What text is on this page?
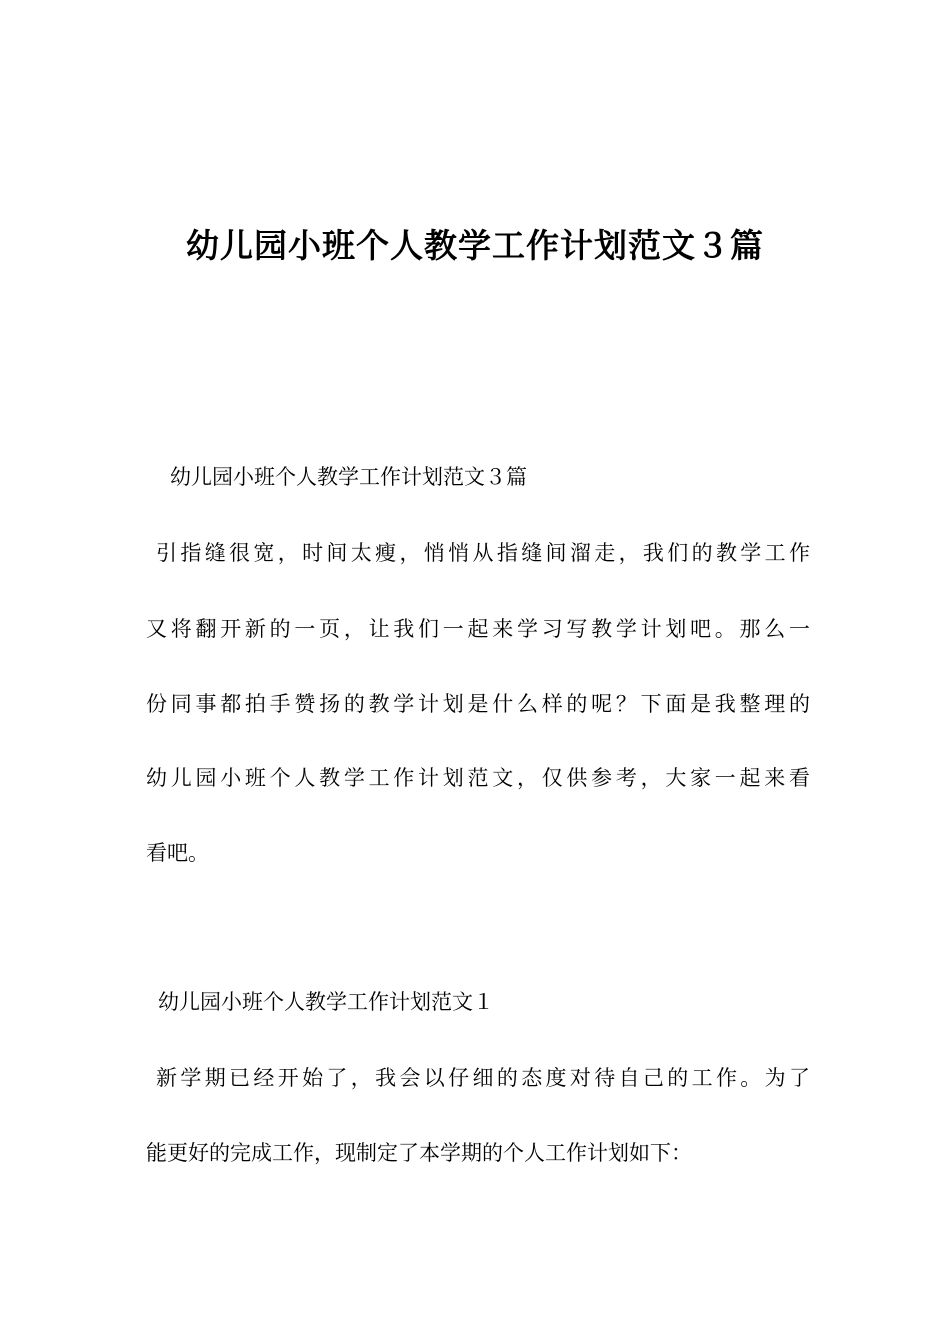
幼儿园小班个人教学工作计划范文３篇

幼儿园小班个人教学工作计划范文３篇

引指缝很宽，时间太瘦，悄悄从指缝间溜走，我们的教学工作

又将翻开新的一页，让我们一起来学习写教学计划吧。那么一

份同事都拍手赞扬的教学计划是什么样的呢？下面是我整理的

幼儿园小班个人教学工作计划范文，仅供参考，大家一起来看

看吧。

幼儿园小班个人教学工作计划范文１

新学期已经开始了，我会以仔细的态度对待自己的工作。为了

能更好的完成工作，现制定了本学期的个人工作计划如下：
